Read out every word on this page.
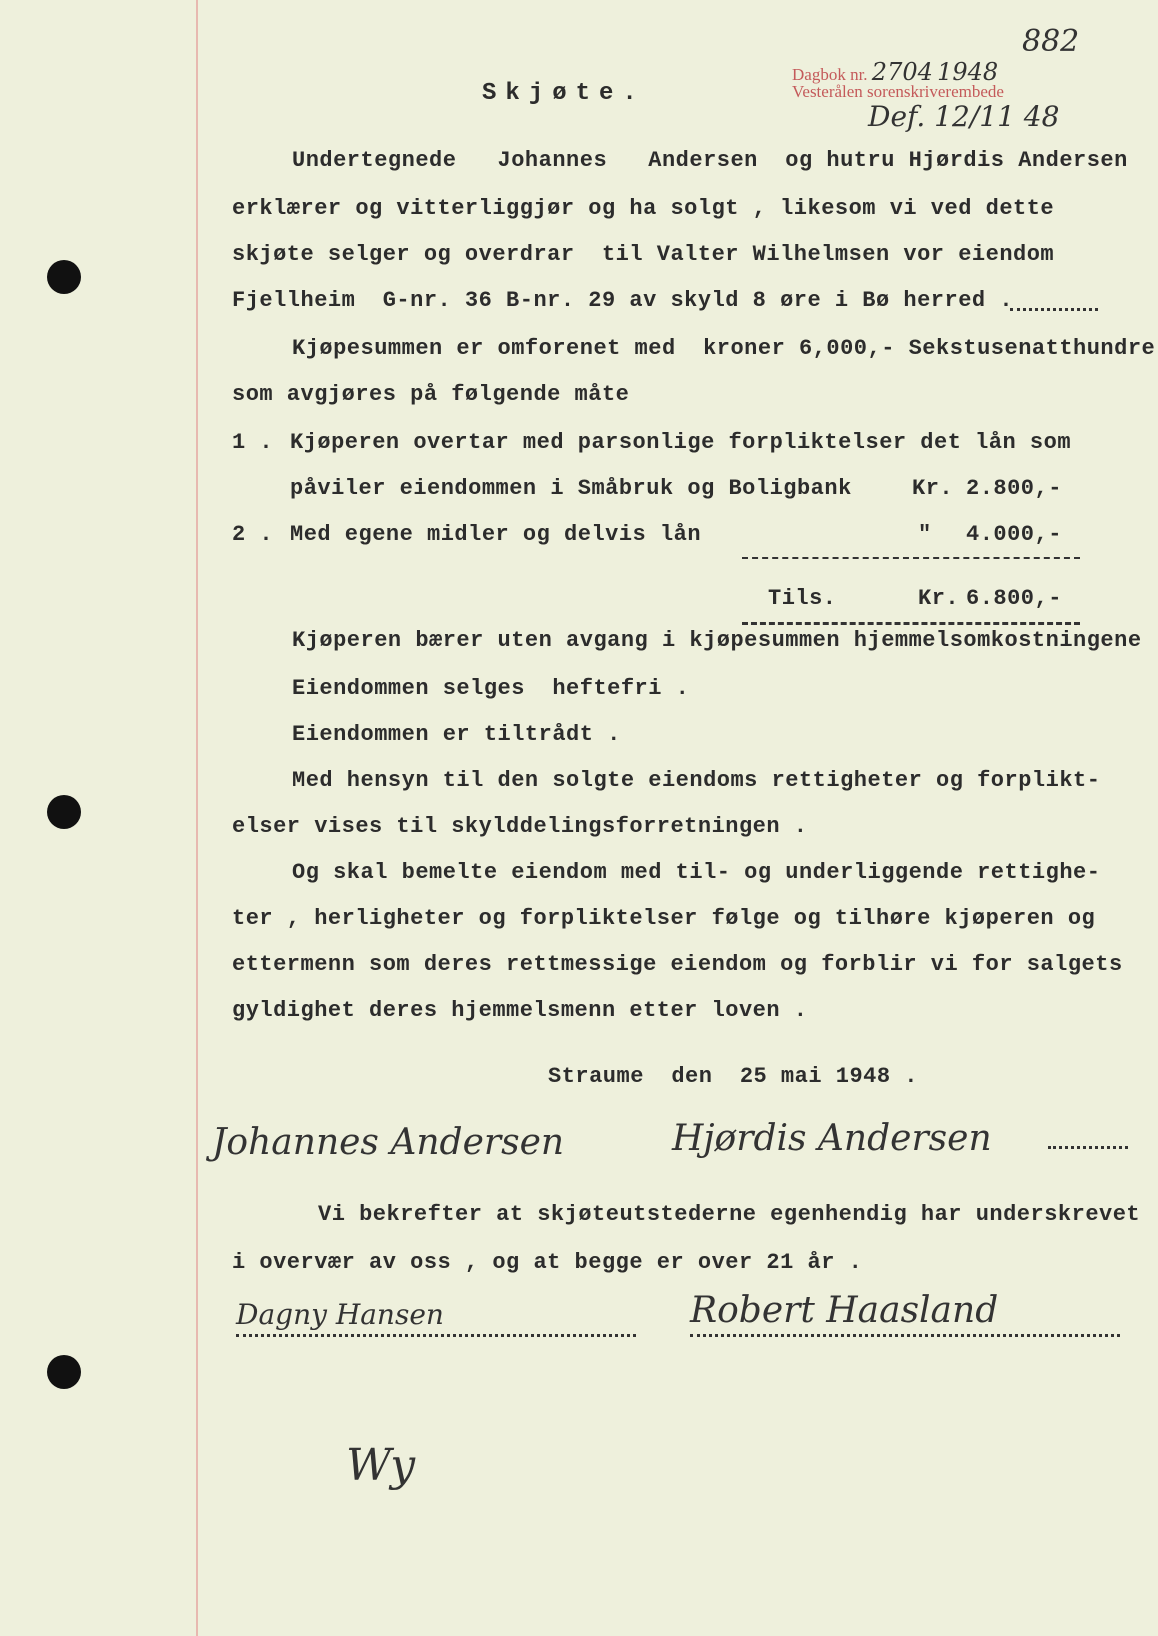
Dagbok nr. 2704 1948
Vesterålen sorenskriverembede
Def. 12/11 48
882
Skjøte.
Undertegnede   Johannes   Andersen  og hutru Hjørdis Andersen
erklærer og vitterliggjør og ha solgt , likesom vi ved dette
skjøte selger og overdrar  til Valter Wilhelmsen vor eiendom
Fjellheim  G-nr. 36 B-nr. 29 av skyld 8 øre i Bø herred .
Kjøpesummen er omforenet med  kroner 6,000,- Sekstusenatthundre
som avgjøres på følgende måte
1 . Kjøperen overtar med parsonlige forpliktelser det lån som
påviler eiendommen i Småbruk og Boligbank	Kr. 2.800,-
2 . Med egene midler og delvis lån	" 4.000,-
Tils.	Kr. 6.800,-
Kjøperen bærer uten avgang i kjøpesummen hjemmelsomkostningene
Eiendommen selges  heftefri .
Eiendommen er tiltrådt .
Med hensyn til den solgte eiendoms rettigheter og forplikt-
elser vises til skylddelingsforretningen .
Og skal bemelte eiendom med til- og underliggende rettighe-
ter , herligheter og forpliktelser følge og tilhøre kjøperen og
ettermenn som deres rettmessige eiendom og forblir vi for salgets
gyldighet deres hjemmelsmenn etter loven .
Straume  den  25 mai 1948 .
Johannes Andersen	Hjørdis Andersen
Vi bekrefter at skjøteutstederne egenhendig har underskrevet
i overvær av oss , og at begge er over 21 år .
Dagny Hansen	Robert Haasland
Wy
